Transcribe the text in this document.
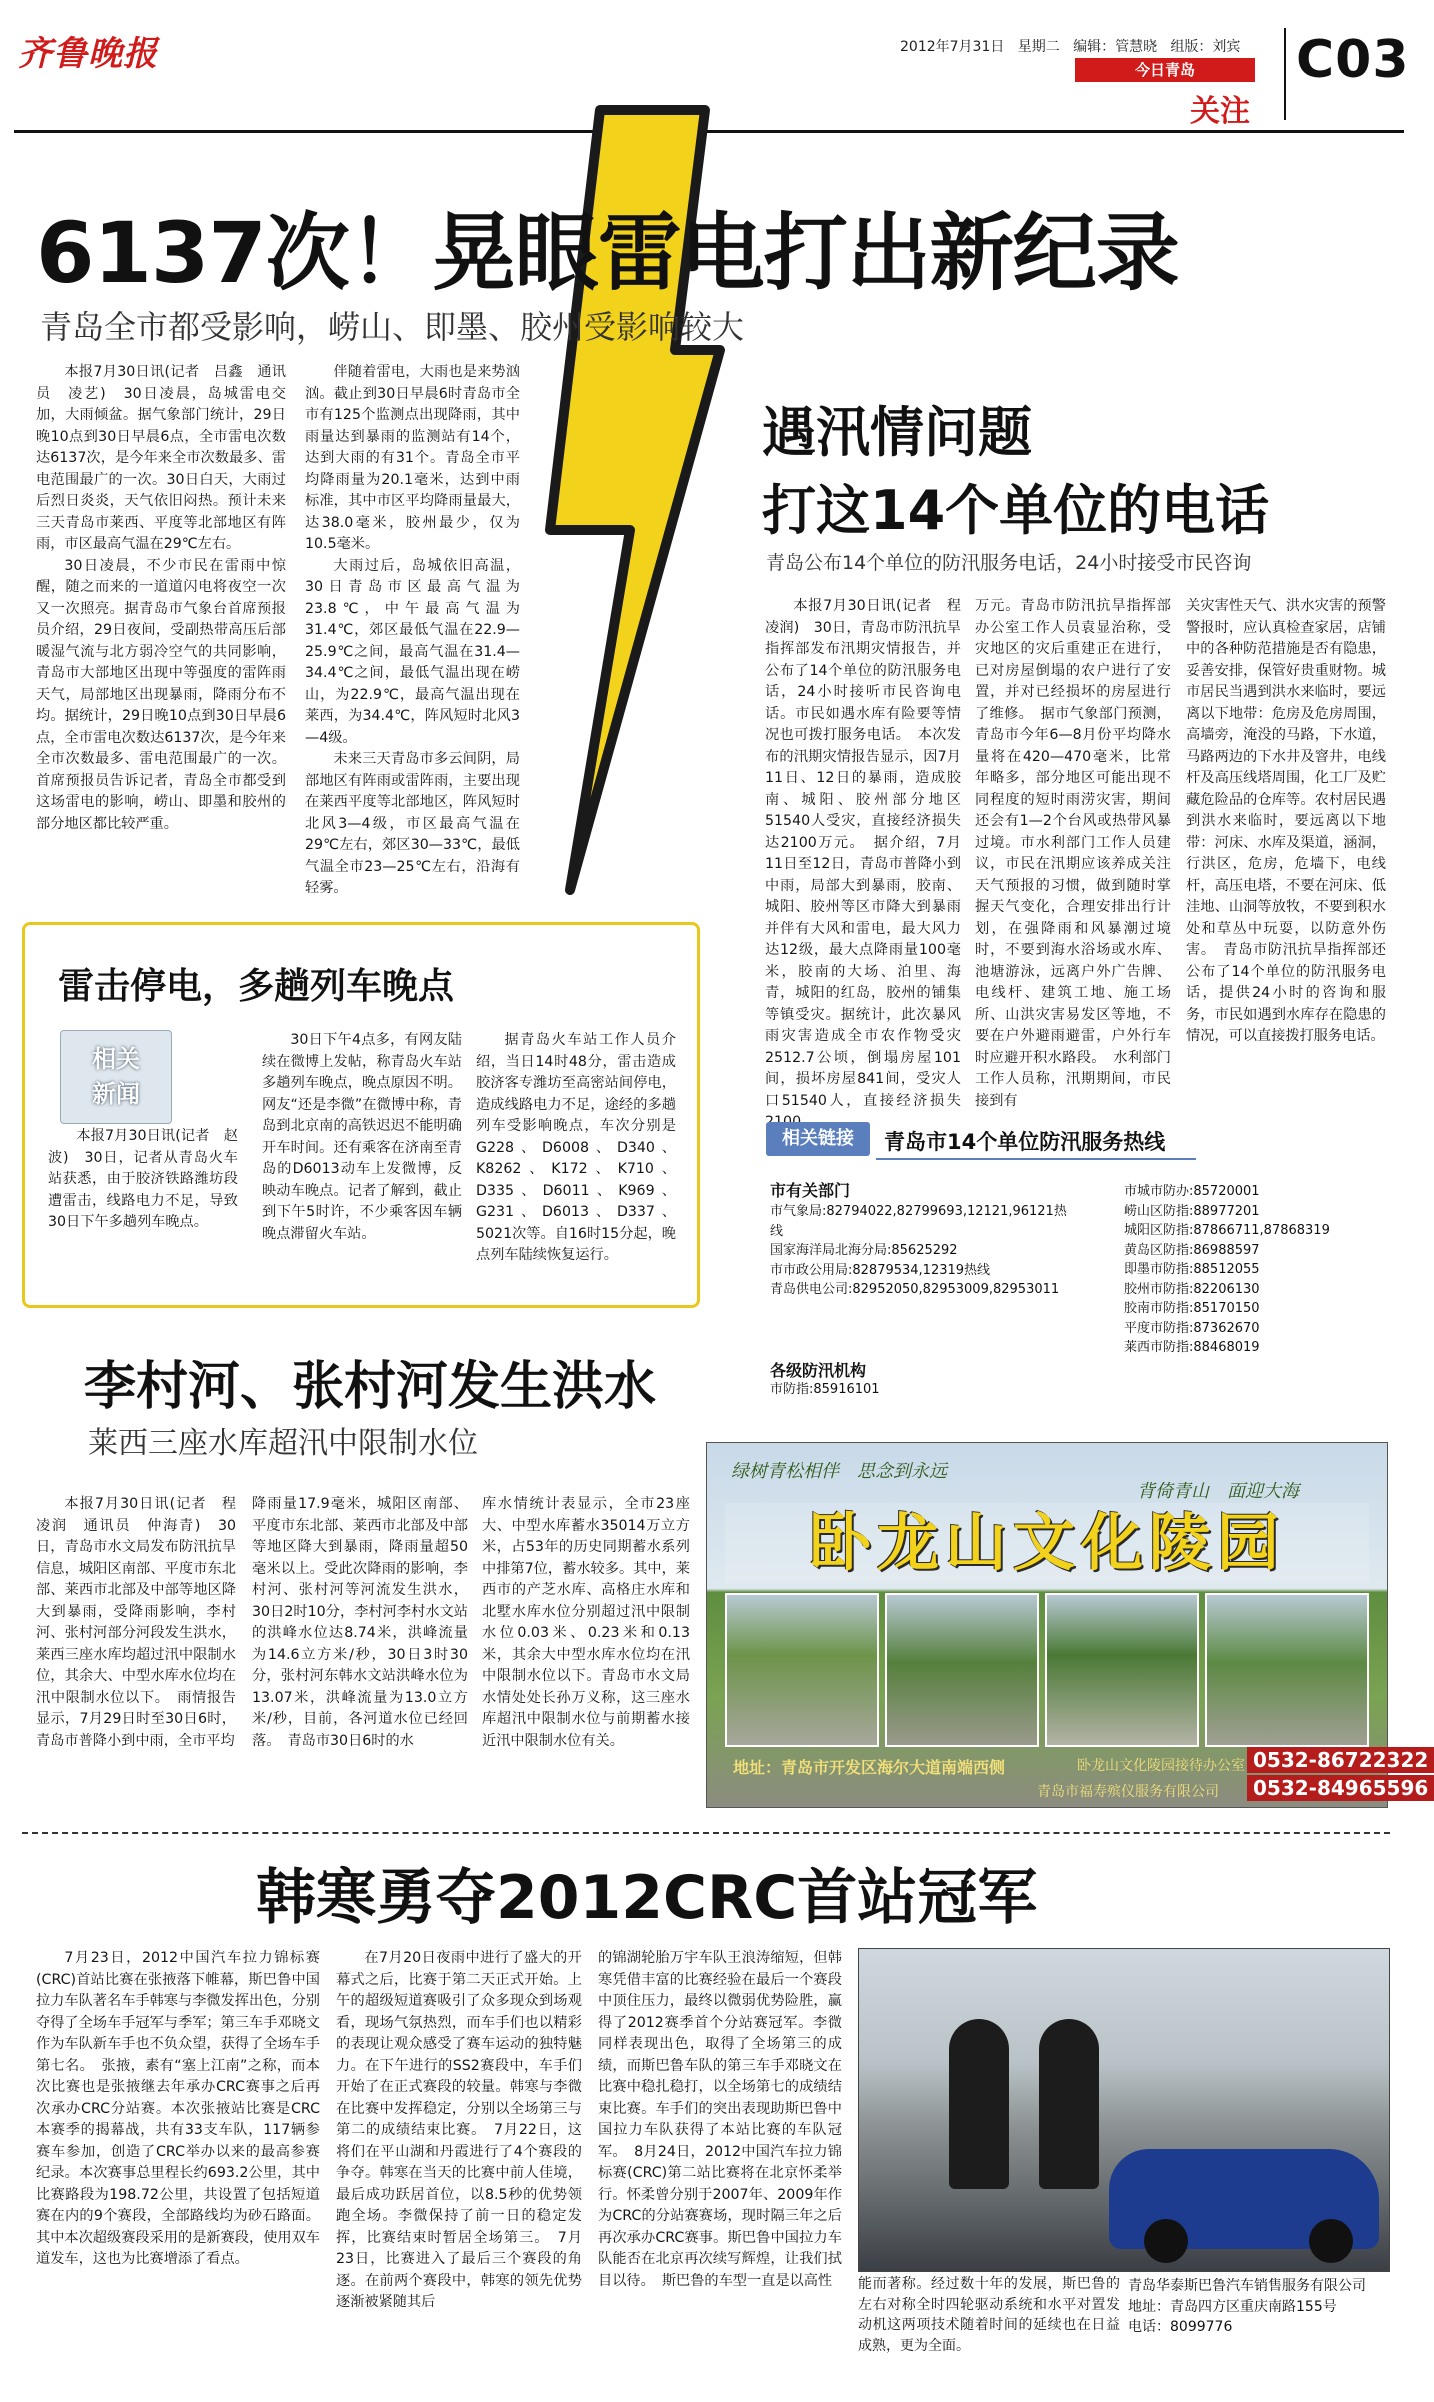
齐鲁晚报	2012年7月31日 星期二 编辑：管慧晓 组版：刘宾
今日青岛
关注
C03
6137次！晃眼雷电打出新纪录
青岛全市都受影响，崂山、即墨、胶州受影响较大

本报7月30日讯(记者　吕鑫　通讯员　凌艺)　30日凌晨，岛城雷电交加，大雨倾盆。据气象部门统计，29日晚10点到30日早晨6点，全市雷电次数达6137次，是今年来全市次数最多、雷电范围最广的一次。30日白天，大雨过后烈日炎炎，天气依旧闷热。预计未来三天青岛市莱西、平度等北部地区有阵雨，市区最高气温在29℃左右。

30日凌晨，不少市民在雷雨中惊醒，随之而来的一道道闪电将夜空一次又一次照亮。据青岛市气象台首席预报员介绍，29日夜间，受副热带高压后部暖湿气流与北方弱冷空气的共同影响，青岛市大部地区出现中等强度的雷阵雨天气，局部地区出现暴雨，降雨分布不均。据统计，29日晚10点到30日早晨6点，全市雷电次数达6137次，是今年来全市次数最多、雷电范围最广的一次。首席预报员告诉记者，青岛全市都受到这场雷电的影响，崂山、即墨和胶州的部分地区都比较严重。

伴随着雷电，大雨也是来势汹汹。截止到30日早晨6时青岛市全市有125个监测点出现降雨，其中雨量达到暴雨的监测站有14个，达到大雨的有31个。青岛全市平均降雨量为20.1毫米，达到中雨标准，其中市区平均降雨量最大，达38.0毫米，胶州最少，仅为10.5毫米。

大雨过后，岛城依旧高温，30日青岛市区最高气温为23.8℃，中午最高气温为31.4℃，郊区最低气温在22.9—25.9℃之间，最高气温在31.4—34.4℃之间，最低气温出现在崂山，为22.9℃，最高气温出现在莱西，为34.4℃，阵风短时北风3—4级。

未来三天青岛市多云间阴，局部地区有阵雨或雷阵雨，主要出现在莱西平度等北部地区，阵风短时北风3—4级，市区最高气温在29℃左右，郊区30—33℃，最低气温全市23—25℃左右，沿海有轻雾。

雷击停电，多趟列车晚点
相关
新闻

本报7月30日讯(记者　赵波)　30日，记者从青岛火车站获悉，由于胶济铁路潍坊段遭雷击，线路电力不足，导致30日下午多趟列车晚点。

30日下午4点多，有网友陆续在微博上发帖，称青岛火车站多趟列车晚点，晚点原因不明。网友“还是李微”在微博中称，青岛到北京南的高铁迟迟不能明确开车时间。还有乘客在济南至青岛的D6013动车上发微博，反映动车晚点。记者了解到，截止到下午5时许，不少乘客因车辆晚点滞留火车站。

据青岛火车站工作人员介绍，当日14时48分，雷击造成胶济客专潍坊至高密站间停电，造成线路电力不足，途经的多趟列车受影响晚点，车次分别是G228、D6008、D340、K8262、K172、K710、D335、D6011、K969、G231、D6013、D337、5021次等。自16时15分起，晚点列车陆续恢复运行。

遇汛情问题
打这14个单位的电话
青岛公布14个单位的防汛服务电话，24小时接受市民咨询

本报7月30日讯(记者　程凌润)　30日，青岛市防汛抗旱指挥部发布汛期灾情报告，并公布了14个单位的防汛服务电话，24小时接听市民咨询电话。市民如遇水库有险要等情况也可拨打服务电话。　本次发布的汛期灾情报告显示，因7月11日、12日的暴雨，造成胶南、城阳、胶州部分地区51540人受灾，直接经济损失达2100万元。　据介绍，7月11日至12日，青岛市普降小到中雨，局部大到暴雨，胶南、城阳、胶州等区市降大到暴雨并伴有大风和雷电，最大风力达12级，最大点降雨量100毫米，胶南的大场、泊里、海青，城阳的红岛，胶州的铺集等镇受灾。据统计，此次暴风雨灾害造成全市农作物受灾2512.7公顷，倒塌房屋101间，损坏房屋841间，受灾人口51540人，直接经济损失

万元。青岛市防汛抗旱指挥部办公室工作人员袁显治称，受灾地区的灾后重建正在进行，已对房屋倒塌的农户进行了安置，并对已经损坏的房屋进行了维修。　据市气象部门预测，青岛市今年6—8月份平均降水量将在420—470毫米，比常年略多，部分地区可能出现不同程度的短时雨涝灾害，期间还会有1—2个台风或热带风暴过境。市水利部门工作人员建议，市民在汛期应该养成关注天气预报的习惯，做到随时掌握天气变化，合理安排出行计划，在强降雨和风暴潮过境时，不要到海水浴场或水库、池塘游泳，远离户外广告牌、电线杆、建筑工地、施工场所、山洪灾害易发区等地，不要在户外避雨避雷，户外行车时应避开积水路段。　水利部门工作人员称，汛期期间，市民接到有

关灾害性天气、洪水灾害的预警警报时，应认真检查家居，店铺中的各种防范措施是否有隐患，妥善安排，保管好贵重财物。城市居民当遇到洪水来临时，要远离以下地带：危房及危房周围，高墙旁，淹没的马路，下水道，马路两边的下水井及窨井，电线杆及高压线塔周围，化工厂及贮藏危险品的仓库等。农村居民遇到洪水来临时，要远离以下地带：河床、水库及渠道，涵洞，行洪区，危房，危墙下，电线杆，高压电塔，不要在河床、低洼地、山洞等放牧，不要到积水处和草丛中玩耍，以防意外伤害。　青岛市防汛抗旱指挥部还公布了14个单位的防汛服务电话，提供24小时的咨询和服务，市民如遇到水库存在隐患的情况，可以直接拨打服务电话。

相关链接	青岛市14个单位防汛服务热线
市有关部门
市气象局:82794022,82799693,12121,96121热线
国家海洋局北海分局:85625292
市市政公用局:82879534,12319热线
青岛供电公司:82952050,82953009,82953011
各级防汛机构
市防指:85916101
市城市防办:85720001
崂山区防指:88977201
城阳区防指:87866711,87868319
黄岛区防指:86988597
即墨市防指:88512055
胶州市防指:82206130
胶南市防指:85170150
平度市防指:87362670
莱西市防指:88468019
李村河、张村河发生洪水
莱西三座水库超汛中限制水位

本报7月30日讯(记者　程凌润　通讯员　仲海青)　30日，青岛市水文局发布防汛抗旱信息，城阳区南部、平度市东北部、莱西市北部及中部等地区降大到暴雨，受降雨影响，李村河、张村河部分河段发生洪水，莱西三座水库均超过汛中限制水位，其余大、中型水库水位均在汛中限制水位以下。　雨情报告显示，7月29日时至30日6时，青岛市普降小到中雨，全市平均

降雨量17.9毫米，城阳区南部、平度市东北部、莱西市北部及中部等地区降大到暴雨，降雨量超50毫米以上。受此次降雨的影响，李村河、张村河等河流发生洪水，30日2时10分，李村河李村水文站的洪峰水位达8.74米，洪峰流量为14.6立方米/秒，30日3时30分，张村河东韩水文站洪峰水位为13.07米，洪峰流量为13.0立方米/秒，目前，各河道水位已经回落。　青岛市30日6时的水

库水情统计表显示，全市23座大、中型水库蓄水35014万立方米，占53年的历史同期蓄水系列中排第7位，蓄水较多。其中，莱西市的产芝水库、高格庄水库和北墅水库水位分别超过汛中限制水位0.03米、0.23米和0.13米，其余大中型水库水位均在汛中限制水位以下。青岛市水文局水情处处长孙万义称，这三座水库超汛中限制水位与前期蓄水接近汛中限制水位有关。

绿树青松相伴　思念到永远
背倚青山　面迎大海
卧龙山文化陵园
地址：青岛市开发区海尔大道南端西侧	卧龙山文化陵园接待办公室 0532-86722322
青岛市福寿殡仪服务有限公司	0532-84965596
韩寒勇夺2012CRC首站冠军

7月23日，2012中国汽车拉力锦标赛(CRC)首站比赛在张掖落下帷幕，斯巴鲁中国拉力车队著名车手韩寒与李微发挥出色，分别夺得了全场车手冠军与季军；第三车手邓晓文作为车队新车手也不负众望，获得了全场车手第七名。　张掖，素有“塞上江南”之称，而本次比赛也是张掖继去年承办CRC赛事之后再次承办CRC分站赛。本次张掖站比赛是CRC本赛季的揭幕战，共有33支车队，117辆参赛车参加，创造了CRC举办以来的最高参赛纪录。本次赛事总里程长约693.2公里，其中比赛路段为198.72公里，共设置了包括短道赛在内的9个赛段，全部路线均为砂石路面。其中本次超级赛段采用的是新赛段，使用双车道发车，这也为比赛增添了看点。

在7月20日夜雨中进行了盛大的开幕式之后，比赛于第二天正式开始。上午的超级短道赛吸引了众多现众到场观看，现场气氛热烈，而车手们也以精彩的表现让观众感受了赛车运动的独特魅力。在下午进行的SS2赛段中，车手们开始了在正式赛段的较量。韩寒与李微在比赛中发挥稳定，分别以全场第三与第二的成绩结束比赛。　7月22日，这将们在平山湖和丹霞进行了4个赛段的争夺。韩寒在当天的比赛中前人佳境，最后成功跃居首位，以8.5秒的优势领跑全场。李微保持了前一日的稳定发挥，比赛结束时暂居全场第三。　7月23日，比赛进入了最后三个赛段的角逐。在前两个赛段中，韩寒的领先优势逐渐被紧随其后

的锦湖轮胎万宇车队王浪涛缩短，但韩寒凭借丰富的比赛经验在最后一个赛段中顶住压力，最终以微弱优势险胜，赢得了2012赛季首个分站赛冠军。李微同样表现出色，取得了全场第三的成绩，而斯巴鲁车队的第三车手邓晓文在比赛中稳扎稳打，以全场第七的成绩结束比赛。车手们的突出表现助斯巴鲁中国拉力车队获得了本站比赛的车队冠军。　8月24日，2012中国汽车拉力锦标赛(CRC)第二站比赛将在北京怀柔举行。怀柔曾分别于2007年、2009年作为CRC的分站赛赛场，现时隔三年之后再次承办CRC赛事。斯巴鲁中国拉力车队能否在北京再次续写辉煌，让我们拭目以待。　斯巴鲁的车型一直是以高性	能而著称。经过数十年的发展，斯巴鲁的左右对称全时四轮驱动系统和水平对置发动机这两项技术随着时间的延续也在日益成熟，更为全面。

青岛华泰斯巴鲁汽车销售服务有限公司
地址：青岛四方区重庆南路155号
电话：8099776
